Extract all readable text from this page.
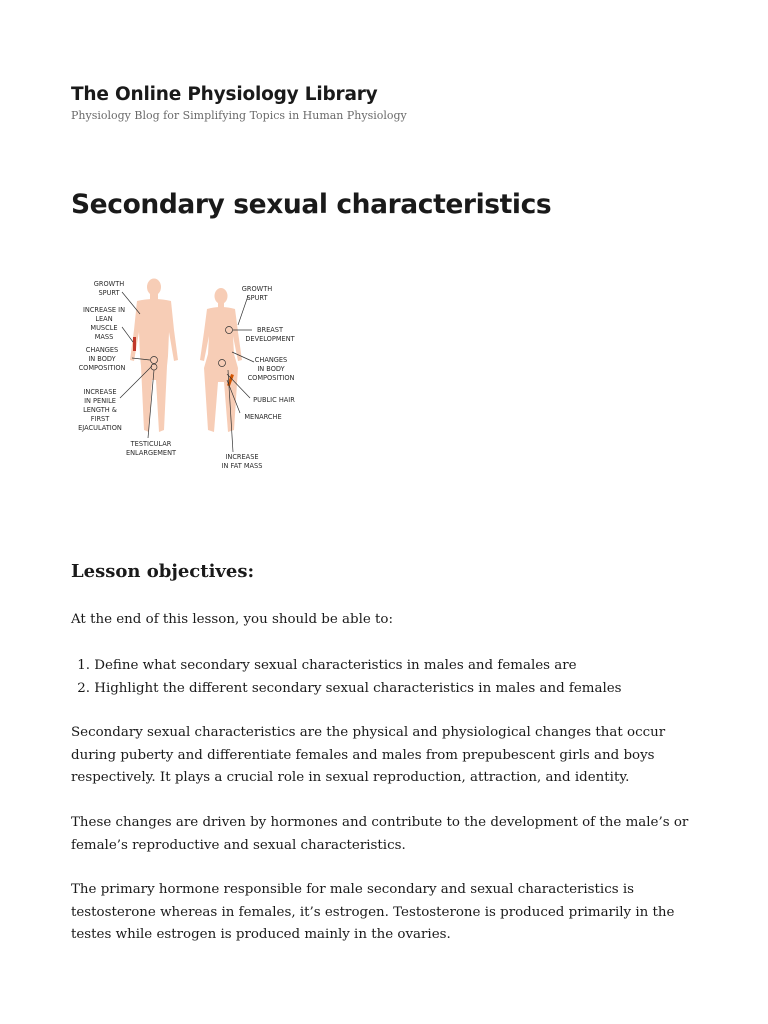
The Online Physiology Library

Physiology Blog for Simplifying Topics in Human Physiology

Secondary sexual characteristics
GROWTH
SPURT
INCREASE IN
LEAN
MUSCLE
MASS
CHANGES
IN BODY
COMPOSITION
INCREASE
IN PENILE
LENGTH &
FIRST
EJACULATION
TESTICULAR
ENLARGEMENT
GROWTH
SPURT
BREAST
DEVELOPMENT
CHANGES
IN BODY
COMPOSITION
PUBLIC HAIR
MENARCHE
INCREASE
IN FAT MASS
Lesson objectives:

At the end of this lesson, you should be able to:

1. Define what secondary sexual characteristics in males and females are
2. Highlight the different secondary sexual characteristics in males and females

Secondary sexual characteristics are the physical and physiological changes that occur during puberty and differentiate females and males from prepubescent girls and boys respectively. It plays a crucial role in sexual reproduction, attraction, and identity.

These changes are driven by hormones and contribute to the development of the male’s or female’s reproductive and sexual characteristics.

The primary hormone responsible for male secondary and sexual characteristics is testosterone whereas in females, it’s estrogen. Testosterone is produced primarily in the testes while estrogen is produced mainly in the ovaries.
